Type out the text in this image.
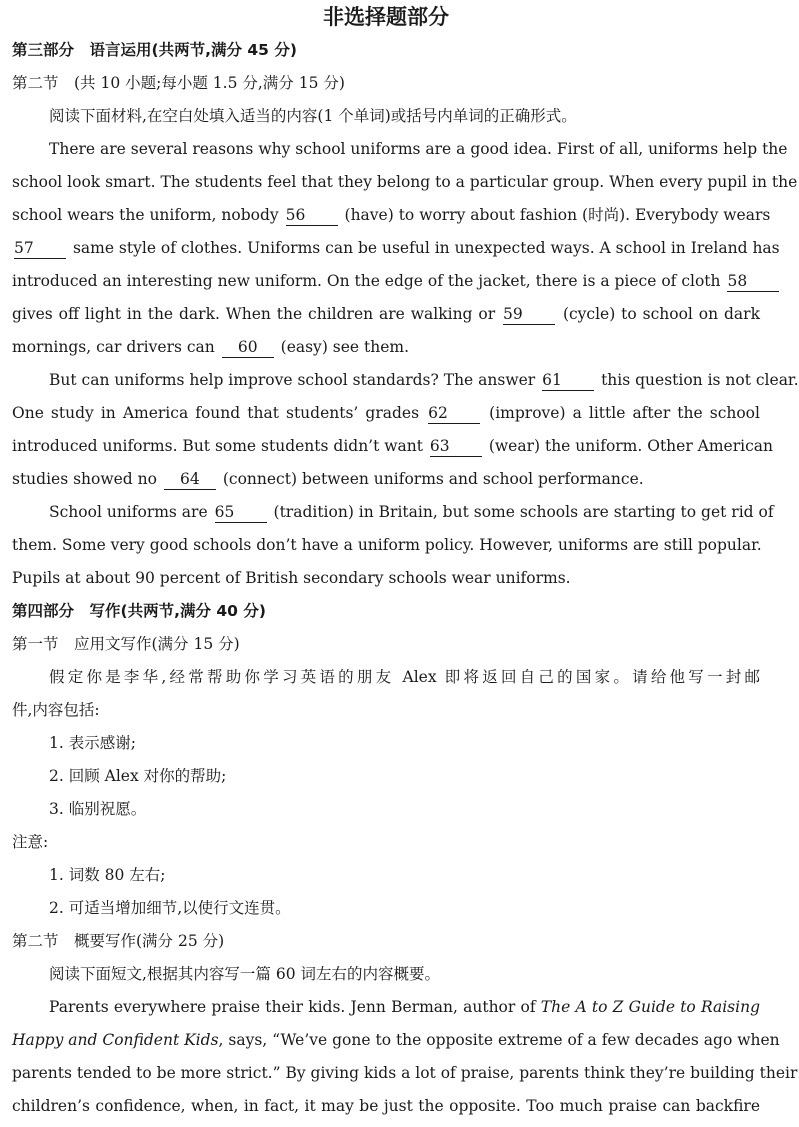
非选择题部分
第三部分　语言运用(共两节,满分 45 分)
第二节　(共 10 小题;每小题 1.5 分,满分 15 分)
阅读下面材料,在空白处填入适当的内容(1 个单词)或括号内单词的正确形式。
There are several reasons why school uniforms are a good idea. First of all, uniforms help the
school look smart. The students feel that they belong to a particular group. When every pupil in the
school wears the uniform, nobody 56	(have) to worry about fashion (时尚). Everybody wears
57	same style of clothes. Uniforms can be useful in unexpected ways. A school in Ireland has
introduced an interesting new uniform. On the edge of the jacket, there is a piece of cloth 58
gives off light in the dark. When the children are walking or 59	(cycle) to school on dark
mornings, car drivers can 60 (easy) see them.
But can uniforms help improve school standards? The answer 61	this question is not clear.
One study in America found that students’ grades 62	(improve) a little after the school
introduced uniforms. But some students didn’t want 63	(wear) the uniform. Other American
studies showed no 64 (connect) between uniforms and school performance.
School uniforms are 65	(tradition) in Britain, but some schools are starting to get rid of
them. Some very good schools don’t have a uniform policy. However, uniforms are still popular.
Pupils at about 90 percent of British secondary schools wear uniforms.
第四部分　写作(共两节,满分 40 分)
第一节　应用文写作(满分 15 分)
假定你是李华,经常帮助你学习英语的朋友 Alex 即将返回自己的国家。请给他写一封邮
件,内容包括:
1. 表示感谢;
2. 回顾 Alex 对你的帮助;
3. 临别祝愿。
注意:
1. 词数 80 左右;
2. 可适当增加细节,以使行文连贯。
第二节　概要写作(满分 25 分)
阅读下面短文,根据其内容写一篇 60 词左右的内容概要。
Parents everywhere praise their kids. Jenn Berman, author of The A to Z Guide to Raising
Happy and Confident Kids, says, “We’ve gone to the opposite extreme of a few decades ago when
parents tended to be more strict.” By giving kids a lot of praise, parents think they’re building their
children’s confidence, when, in fact, it may be just the opposite. Too much praise can backfire
